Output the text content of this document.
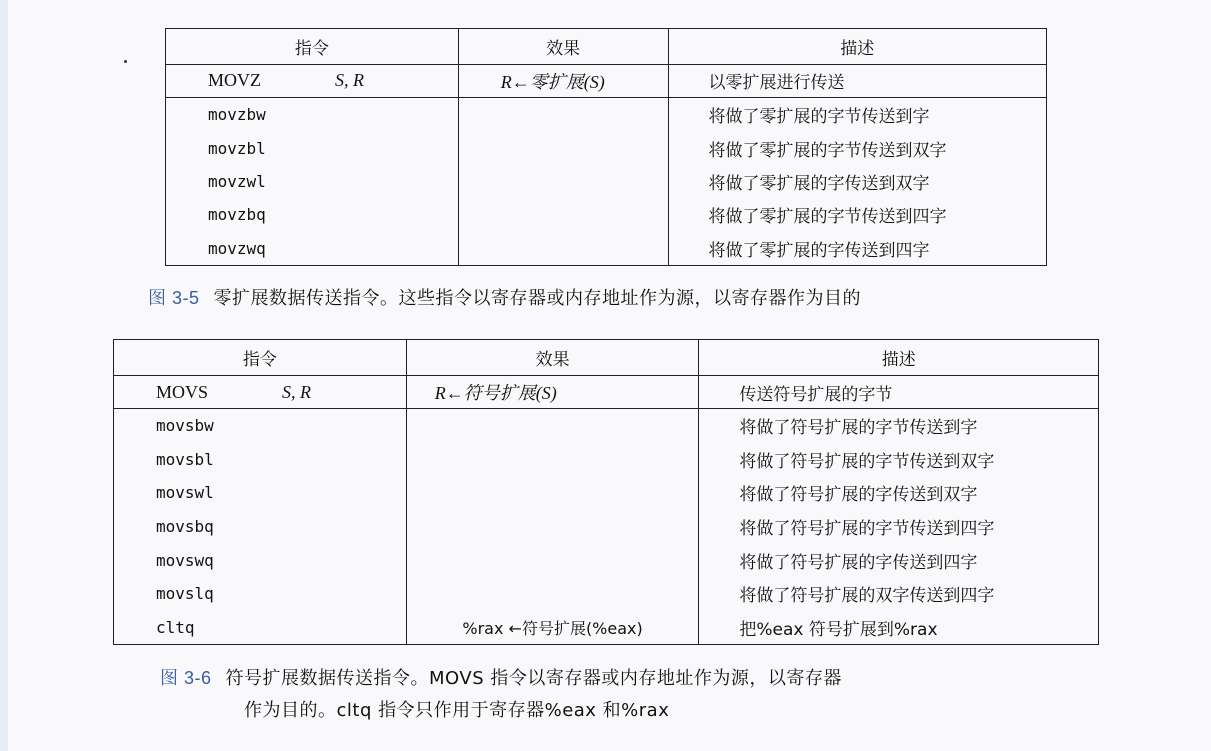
指令	效果	描述
MOVZ S, R	R←零扩展(S)	以零扩展进行传送
movzbw		将做了零扩展的字节传送到字
movzbl		将做了零扩展的字节传送到双字
movzwl		将做了零扩展的字传送到双字
movzbq		将做了零扩展的字节传送到四字
movzwq		将做了零扩展的字传送到四字
图 3-5 零扩展数据传送指令。这些指令以寄存器或内存地址作为源，以寄存器作为目的
指令	效果	描述
MOVS S, R	R←符号扩展(S)	传送符号扩展的字节
movsbw		将做了符号扩展的字节传送到字
movsbl		将做了符号扩展的字节传送到双字
movswl		将做了符号扩展的字传送到双字
movsbq		将做了符号扩展的字节传送到四字
movswq		将做了符号扩展的字传送到四字
movslq		将做了符号扩展的双字传送到四字
cltq	%rax ←符号扩展(%eax)	把%eax 符号扩展到%rax
图 3-6 符号扩展数据传送指令。MOVS 指令以寄存器或内存地址作为源，以寄存器
作为目的。cltq 指令只作用于寄存器%eax 和%rax
